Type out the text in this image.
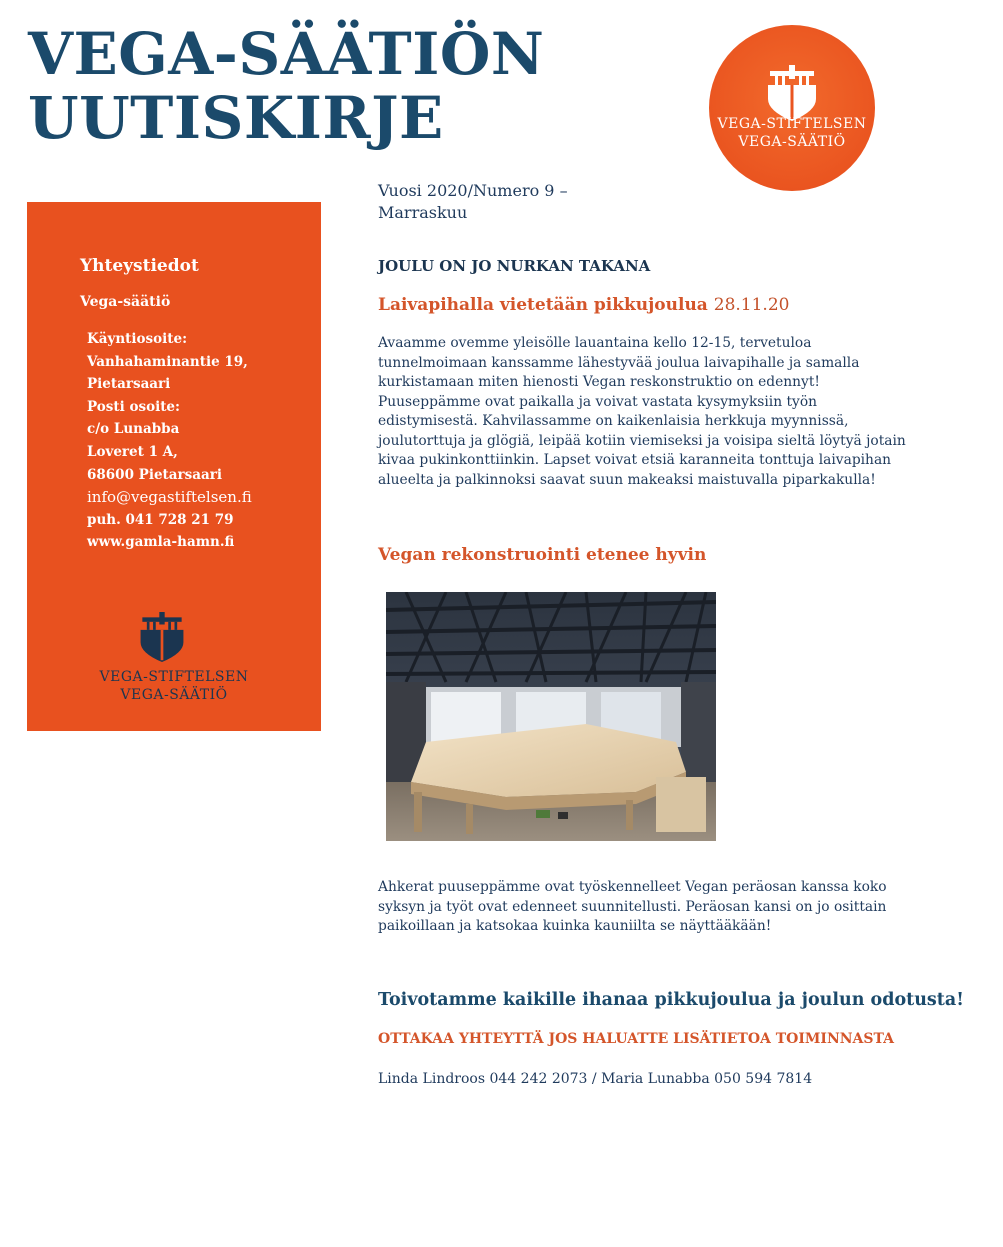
VEGA-SÄÄTIÖN
UUTISKIRJE	VEGA-STIFTELSEN
VEGA-SÄÄTIÖ
Vuosi 2020/Numero 9 –
Marraskuu
Yhteystiedot
Vega-säätiö
Käyntiosoite:
Vanhahaminantie 19,
Pietarsaari
Posti osoite:
c/o Lunabba
Loveret 1 A,
68600 Pietarsaari
info@vegastiftelsen.fi
puh. 041 728 21 79
www.gamla-hamn.fi
VEGA-STIFTELSEN
VEGA-SÄÄTIÖ
JOULU ON JO NURKAN TAKANA
Laivapihalla vietetään pikkujoulua 28.11.20
Avaamme ovemme yleisölle lauantaina kello 12-15, tervetuloa
tunnelmoimaan kanssamme lähestyvää joulua laivapihalle ja samalla
kurkistamaan miten hienosti Vegan reskonstruktio on edennyt!
Puuseppämme ovat paikalla ja voivat vastata kysymyksiin työn
edistymisestä. Kahvilassamme on kaikenlaisia herkkuja myynnissä,
joulutorttuja ja glögiä, leipää kotiin viemiseksi ja voisipa sieltä löytyä jotain
kivaa pukinkonttiinkin. Lapset voivat etsiä karanneita tonttuja laivapihan
alueelta ja palkinnoksi saavat suun makeaksi maistuvalla piparkakulla!
Vegan rekonstruointi etenee hyvin
Ahkerat puuseppämme ovat työskennelleet Vegan peräosan kanssa koko
syksyn ja työt ovat edenneet suunnitellusti. Peräosan kansi on jo osittain
paikoillaan ja katsokaa kuinka kauniilta se näyttääkään!
Toivotamme kaikille ihanaa pikkujoulua ja joulun odotusta!
OTTAKAA YHTEYTTÄ JOS HALUATTE LISÄTIETOA TOIMINNASTA
Linda Lindroos 044 242 2073 / Maria Lunabba 050 594 7814
